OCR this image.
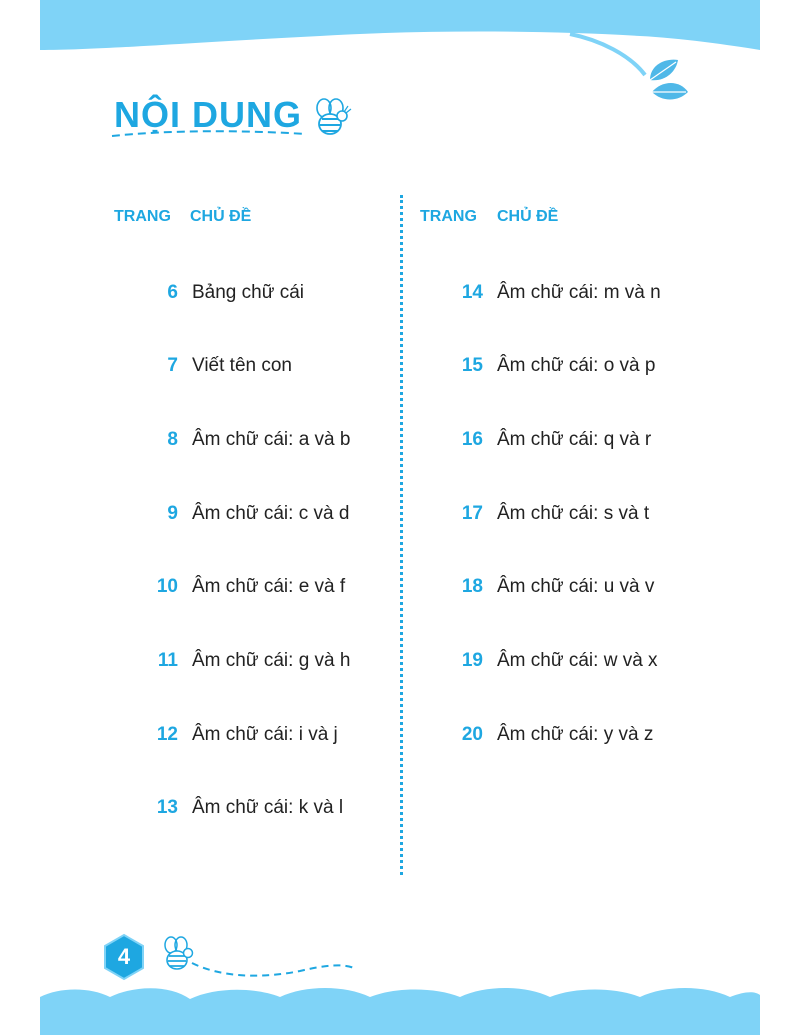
NỘI DUNG
TRANG CHỦ ĐỀ	TRANG CHỦ ĐỀ
6 Bảng chữ cái
7 Viết tên con
8 Âm chữ cái: a và b
9 Âm chữ cái: c và d
10 Âm chữ cái: e và f
11 Âm chữ cái: g và h
12 Âm chữ cái: i và j
13 Âm chữ cái: k và l
14 Âm chữ cái: m và n
15 Âm chữ cái: o và p
16 Âm chữ cái: q và r
17 Âm chữ cái: s và t
18 Âm chữ cái: u và v
19 Âm chữ cái: w và x
20 Âm chữ cái: y và z
4
